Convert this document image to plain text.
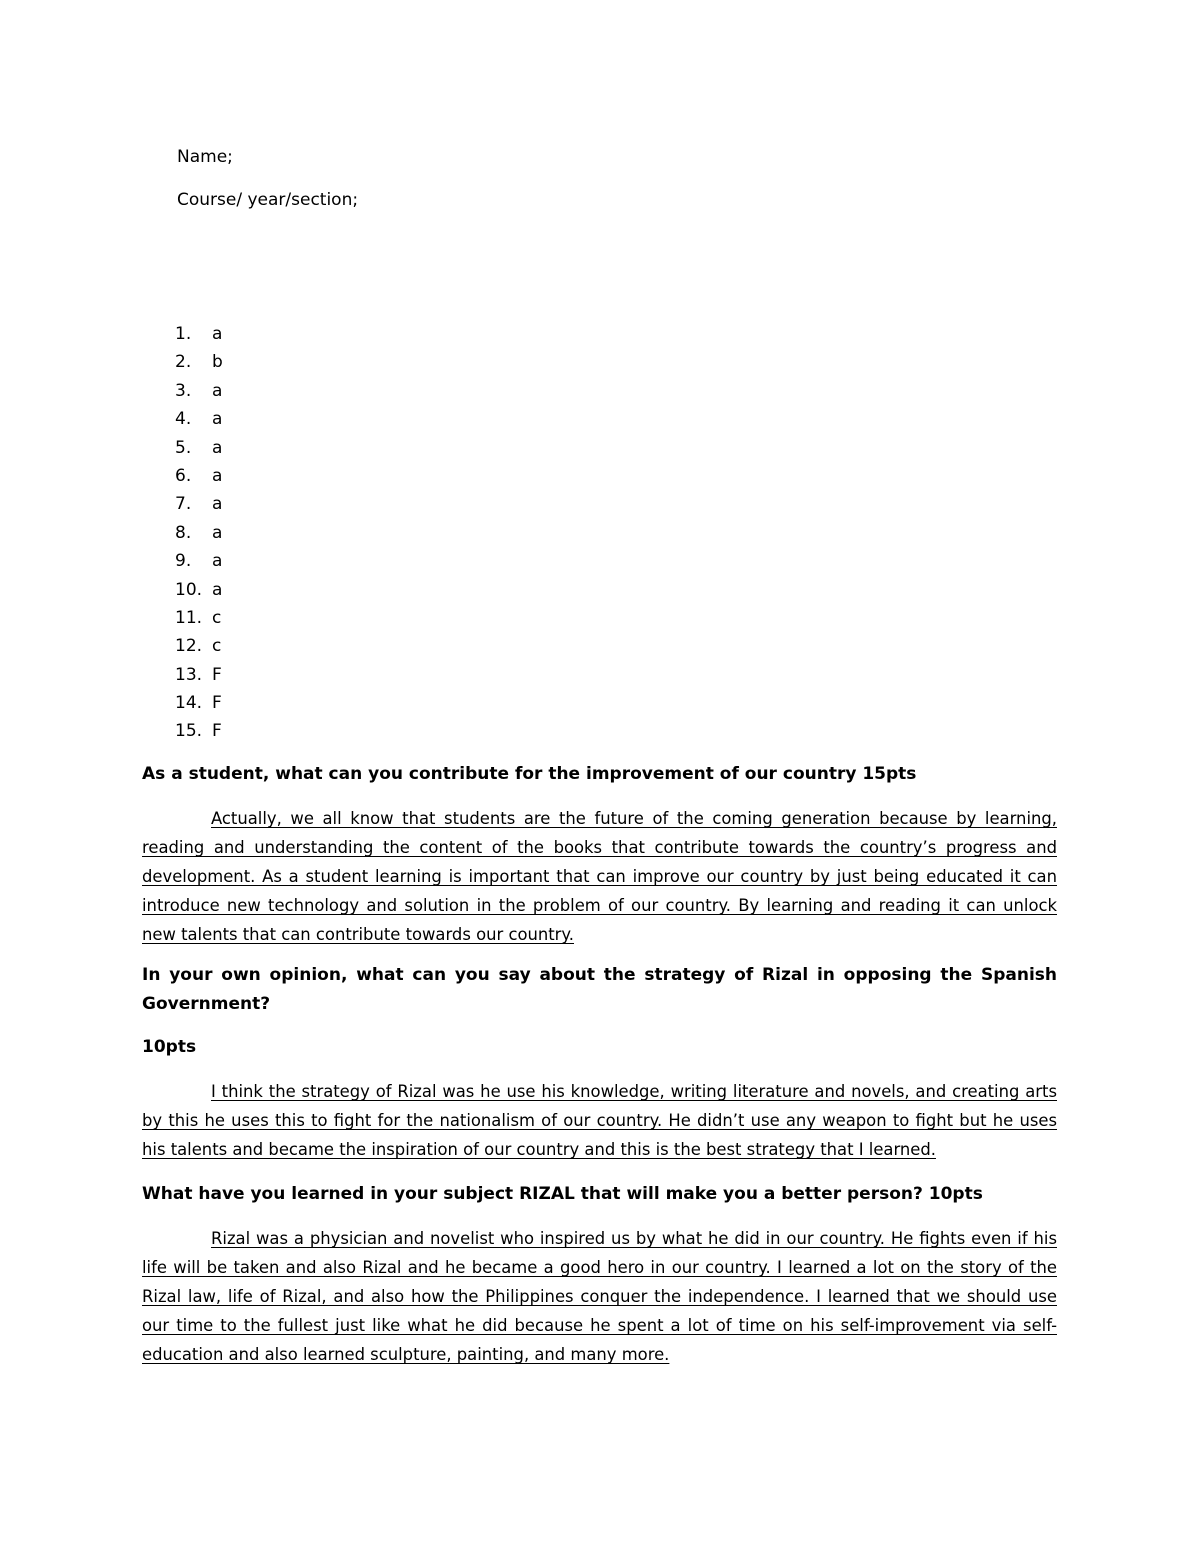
Name;
Course/ year/section;
1. a
2. b
3. a
4. a
5. a
6. a
7. a
8. a
9. a
10. a
11. c
12. c
13. F
14. F
15. F

As a student, what can you contribute for the improvement of our country 15pts

Actually, we all know that students are the future of the coming generation because by learning, reading and understanding the content of the books that contribute towards the country’s progress and development. As a student learning is important that can improve our country by just being educated it can introduce new technology and solution in the problem of our country. By learning and reading it can unlock new talents that can contribute towards our country.

In your own opinion, what can you say about the strategy of Rizal in opposing the Spanish Government?

10pts

I think the strategy of Rizal was he use his knowledge, writing literature and novels, and creating arts by this he uses this to fight for the nationalism of our country. He didn’t use any weapon to fight but he uses his talents and became the inspiration of our country and this is the best strategy that I learned.

What have you learned in your subject RIZAL that will make you a better person? 10pts

Rizal was a physician and novelist who inspired us by what he did in our country. He fights even if his life will be taken and also Rizal and he became a good hero in our country. I learned a lot on the story of the Rizal law, life of Rizal, and also how the Philippines conquer the independence. I learned that we should use our time to the fullest just like what he did because he spent a lot of time on his self-improvement via self-education and also learned sculpture, painting, and many more.
